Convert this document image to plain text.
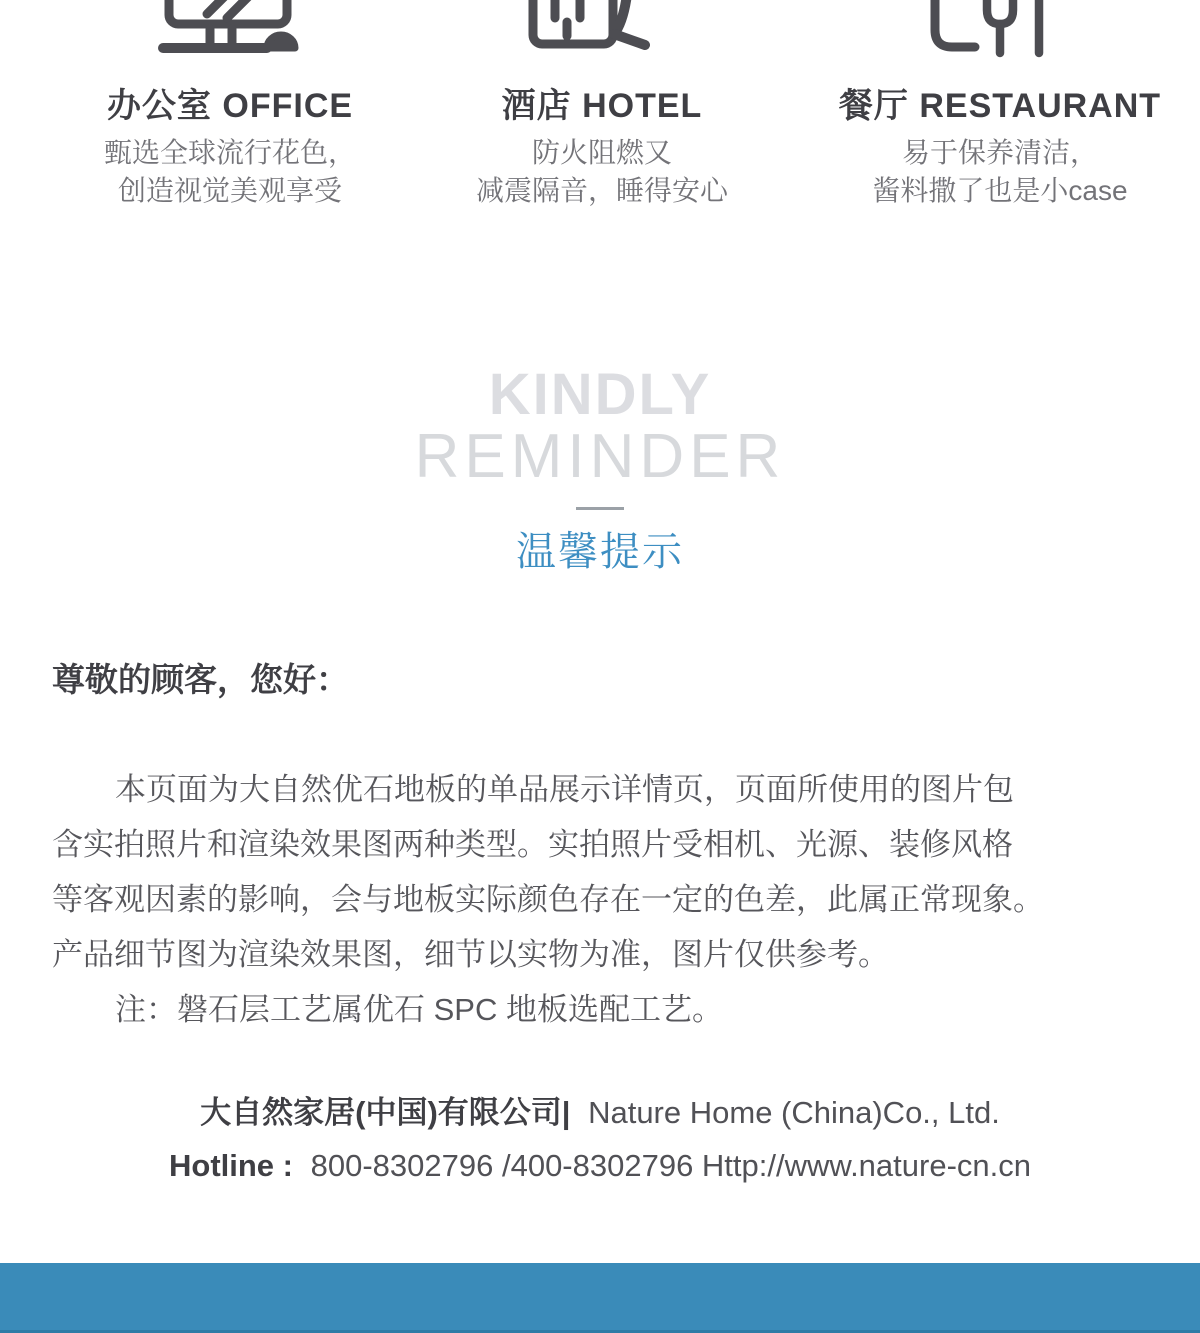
办公室 OFFICE
甄选全球流行花色，
创造视觉美观享受
酒店 HOTEL
防火阻燃又
减震隔音，睡得安心
餐厅 RESTAURANT
易于保养清洁，
酱料撒了也是小case
KINDLY
REMINDER
温馨提示

尊敬的顾客，您好：

本页面为大自然优石地板的单品展示详情页，页面所使用的图片包
含实拍照片和渲染效果图两种类型。实拍照片受相机、光源、装修风格
等客观因素的影响，会与地板实际颜色存在一定的色差，此属正常现象。
产品细节图为渲染效果图，细节以实物为准，图片仅供参考。
注：磐石层工艺属优石 SPC 地板选配工艺。

大自然家居(中国)有限公司| Nature Home (China)Co., Ltd.

Hotline : 800-8302796 /400-8302796 Http://www.nature-cn.cn
